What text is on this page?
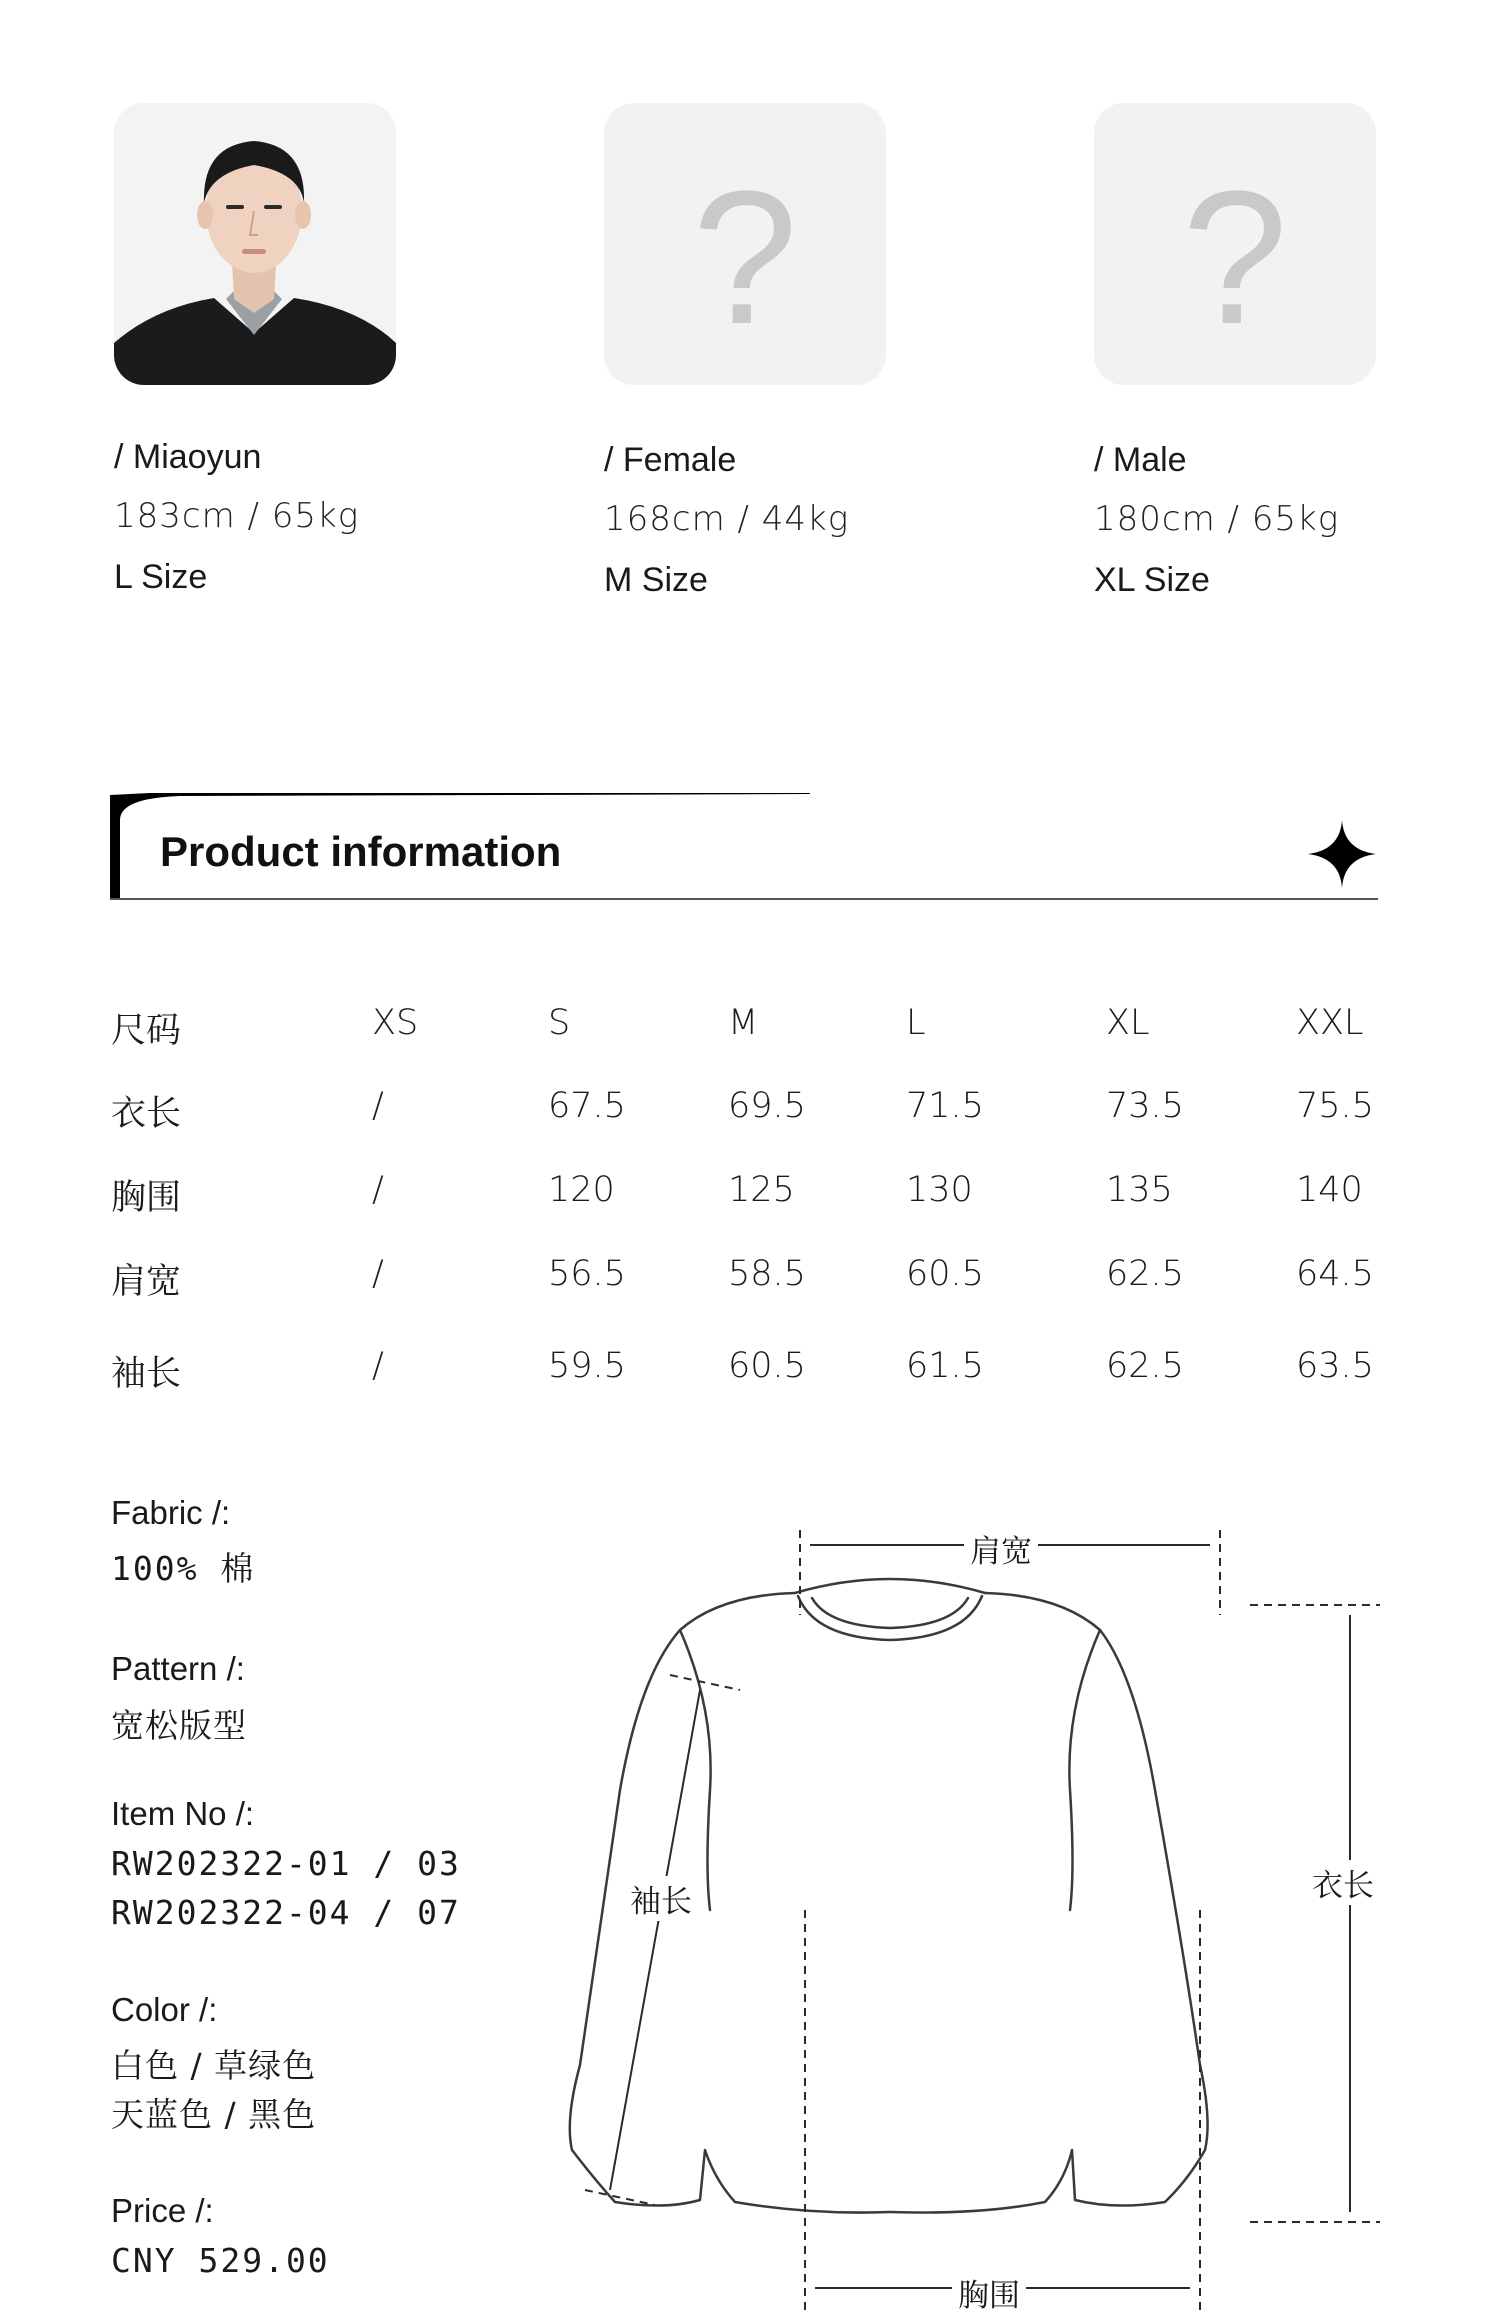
/ Miaoyun
183cm / 65kg
L Size
?
/ Female
168cm / 44kg
M Size
?
/ Male
180cm / 65kg
XL Size
Product information
尺码	XS	S	M	L	XL	XXL
衣长	/	67.5	69.5	71.5	73.5	75.5
胸围	/	120	125	130	135	140
肩宽	/	56.5	58.5	60.5	62.5	64.5
袖长	/	59.5	60.5	61.5	62.5	63.5
Fabric /:
100% 棉
Pattern /:
宽松版型
Item No /:
RW202322-01 / 03
RW202322-04 / 07
Color /:
白色 / 草绿色
天蓝色 / 黑色
Price /:
CNY 529.00
肩宽
衣长
袖长
胸围
